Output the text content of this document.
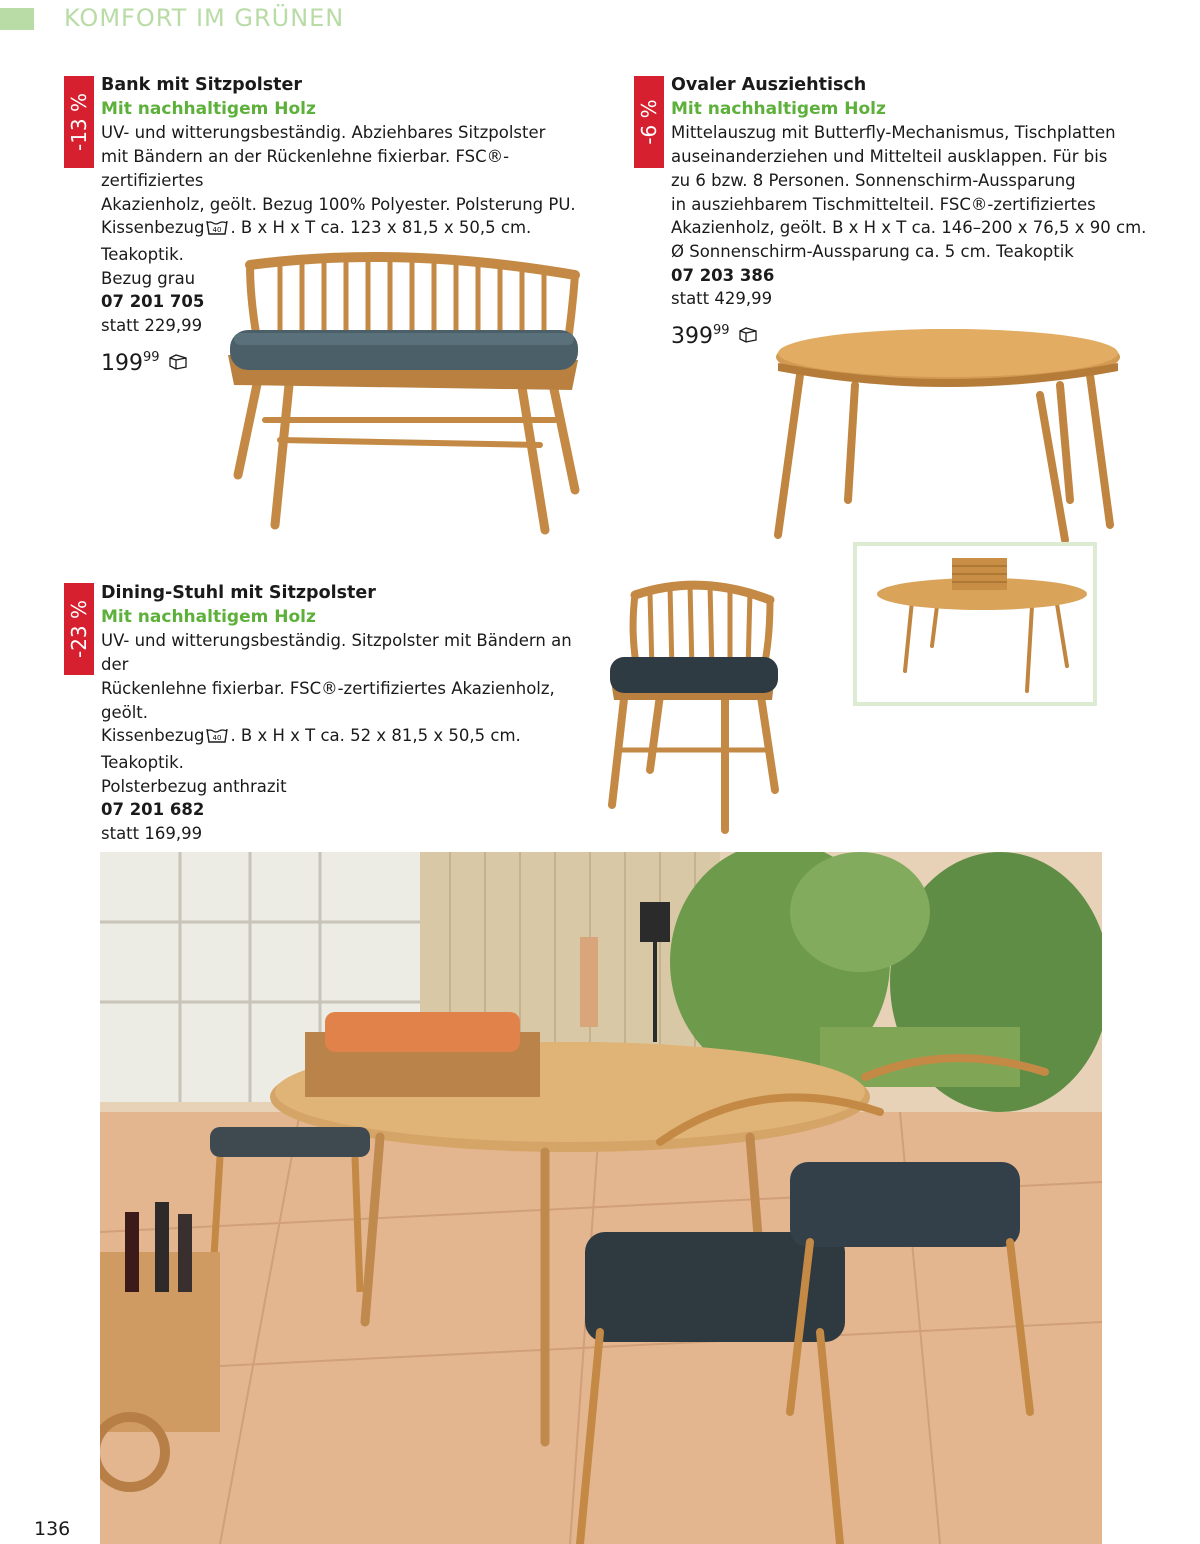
KOMFORT IM GRÜNEN
-13 %
Bank mit Sitzpolster
Mit nachhaltigem Holz
UV- und witterungsbeständig. Abziehbares Sitzpolster
mit Bändern an der Rückenlehne fixierbar. FSC®-zertifiziertes
Akazienholz, geölt. Bezug 100% Polyester. Polsterung PU.
Kissenbezug 40 . B x H x T ca. 123 x 81,5 x 50,5 cm. Teakoptik.
Bezug grau
07 201 705
statt 229,99
$199^{99}$
-6 %
Ovaler Ausziehtisch
Mit nachhaltigem Holz
Mittelauszug mit Butterfly-Mechanismus, Tischplatten
auseinanderziehen und Mittelteil ausklappen. Für bis
zu 6 bzw. 8 Personen. Sonnenschirm-Aussparung
in ausziehbarem Tischmittelteil. FSC®-zertifiziertes
Akazienholz, geölt. B x H x T ca. 146–200 x 76,5 x 90 cm.
Ø Sonnenschirm-Aussparung ca. 5 cm. Teakoptik
07 203 386
statt 429,99
$399^{99}$
-23 %
Dining-Stuhl mit Sitzpolster
Mit nachhaltigem Holz
UV- und witterungsbeständig. Sitzpolster mit Bändern an der
Rückenlehne fixierbar. FSC®-zertifiziertes Akazienholz, geölt.
Kissenbezug 40 . B x H x T ca. 52 x 81,5 x 50,5 cm. Teakoptik.
Polsterbezug anthrazit
07 201 682
statt 169,99
136
